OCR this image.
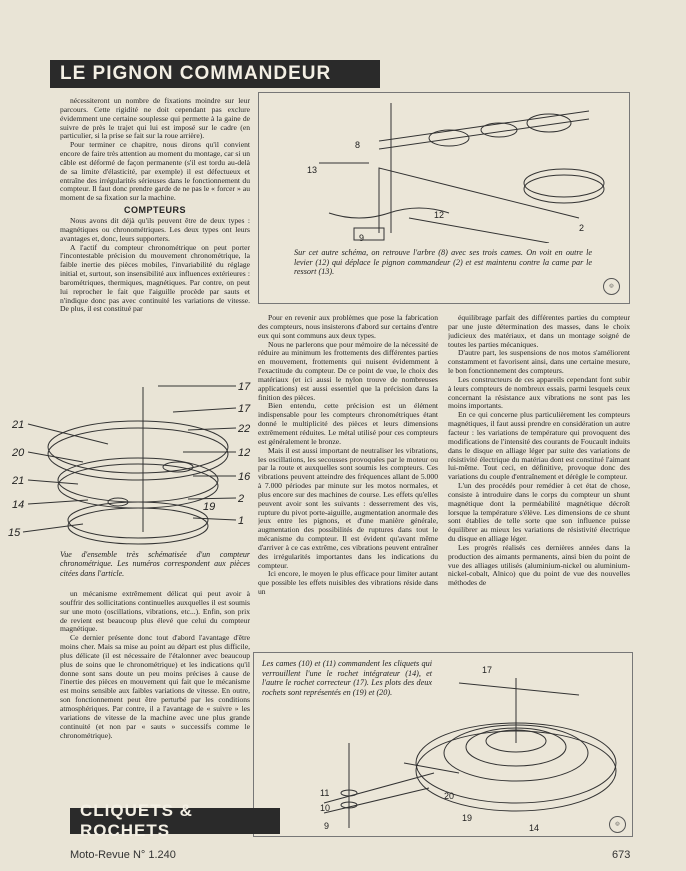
LE PIGNON COMMANDEUR

nécessiteront un nombre de fixations moindre sur leur parcours. Cette rigidité ne doit cependant pas exclure évidemment une certaine souplesse qui permette à la gaine de suivre de près le trajet qui lui est imposé sur le cadre (en particulier, si la prise se fait sur la roue arrière).

Pour terminer ce chapitre, nous dirons qu'il convient encore de faire très attention au moment du montage, car si un câble est déformé de façon permanente (s'il est tordu au-delà de sa limite d'élasticité, par exemple) il est défectueux et entraîne des irrégularités sérieuses dans le fonctionnement du compteur. Il faut donc prendre garde de ne pas le « forcer » au moment de sa fixation sur la machine.

COMPTEURS

Nous avons dit déjà qu'ils peuvent être de deux types : magnétiques ou chronométriques. Les deux types ont leurs avantages et, donc, leurs supporters.

A l'actif du compteur chronométrique on peut porter l'incontestable précision du mouvement chronométrique, la faible inertie des pièces mobiles, l'invariabilité du réglage initial et, surtout, son insensibilité aux influences extérieures : barométriques, thermiques, magnétiques. Par contre, on peut lui reprocher le fait que l'aiguille procède par sauts et n'indique donc pas avec continuité les variations de vitesse. De plus, il est constitué par

13
8
12
2
9
Sur cet autre schéma, on retrouve l'arbre (8) avec ses trois cames. On voit en outre le levier (12) qui déplace le pignon commandeur (2) et est maintenu contre la came par le ressort (13).
◎
17
17
22
12
16
2
1
21
20
21
14
15
19
Vue d'ensemble très schématisée d'un compteur chronométrique. Les numéros correspondent aux pièces citées dans l'article.

un mécanisme extrêmement délicat qui peut avoir à souffrir des sollicitations continuelles auxquelles il est soumis sur une moto (oscillations, vibrations, etc...). Enfin, son prix de revient est beaucoup plus élevé que celui du compteur magnétique.

Ce dernier présente donc tout d'abord l'avantage d'être moins cher. Mais sa mise au point au départ est plus difficile, plus délicate (il est nécessaire de l'étalonner avec beaucoup plus de soins que le chronométrique) et les indications qu'il donne sont sans doute un peu moins précises à cause de l'inertie des pièces en mouvement qui fait que le mécanisme est moins sensible aux faibles variations de vitesse. En outre, son fonctionnement peut être perturbé par les conditions atmosphériques. Par contre, il a l'avantage de « suivre » les variations de vitesse de la machine avec une plus grande continuité (et non par « sauts » successifs comme le chronométrique).

Pour en revenir aux problèmes que pose la fabrication des compteurs, nous insisterons d'abord sur certains d'entre eux qui sont communs aux deux types.

Nous ne parlerons que pour mémoire de la nécessité de réduire au minimum les frottements des différentes parties en mouvement, frottements qui nuisent évidemment à l'exactitude du compteur. De ce point de vue, le choix des matériaux (et ici aussi le nylon trouve de nombreuses applications) est aussi essentiel que la précision dans la finition des pièces.

Bien entendu, cette précision est un élément indispensable pour les compteurs chronométriques étant donné le multiplicité des pièces et leurs dimensions extrêmement réduites. Le métal utilisé pour ces compteurs est généralement le bronze.

Mais il est aussi important de neutraliser les vibrations, les oscillations, les secousses provoquées par le moteur ou par la route et auxquelles sont soumis les compteurs. Ces vibrations peuvent atteindre des fréquences allant de 5.000 à 7.000 périodes par minute sur les motos normales, et plus encore sur des machines de course. Les effets qu'elles peuvent avoir sont les suivants : desserrement des vis, rupture du pivot porte-aiguille, augmentation anormale des jeux entre les pignons, et d'une manière générale, augmentation des possibilités de ruptures dans tout le mécanisme du compteur. Il est évident qu'avant même d'arriver à ce cas extrême, ces vibrations peuvent entraîner des irrégularités importantes dans les indications du compteur.

Ici encore, le moyen le plus efficace pour limiter autant que possible les effets nuisibles des vibrations réside dans un

équilibrage parfait des différentes parties du compteur par une juste détermination des masses, dans le choix judicieux des matériaux, et dans un montage soigné de toutes les parties mécaniques.

D'autre part, les suspensions de nos motos s'améliorent constamment et favorisent ainsi, dans une certaine mesure, le bon fonctionnement des compteurs.

Les constructeurs de ces appareils cependant font subir à leurs compteurs de nombreux essais, parmi lesquels ceux concernant la résistance aux vibrations ne sont pas les moins importants.

En ce qui concerne plus particulièrement les compteurs magnétiques, il faut aussi prendre en considération un autre facteur : les variations de température qui provoquent des modifications de l'intensité des courants de Foucault induits dans le disque en alliage léger par suite des variations de résistivité électrique du matériau dont est constitué l'aimant lui-même. Tout ceci, en définitive, provoque donc des variations du couple d'entraînement et dérègle le compteur.

L'un des procédés pour remédier à cet état de chose, consiste à introduire dans le corps du compteur un shunt magnétique dont la perméabilité magnétique décroît lorsque la température s'élève. Les dimensions de ce shunt sont établies de telle sorte que son influence puisse équilibrer au mieux les variations de résistivité électrique du disque en alliage léger.

Les progrès réalisés ces dernières années dans la production des aimants permanents, ainsi bien du point de vue des alliages utilisés (aluminium-nickel ou aluminium-nickel-cobalt, Alnico) que du point de vue des nouvelles méthodes de

Les cames (10) et (11) commandent les cliquets qui verrouillent l'une le rochet intégrateur (14), et l'autre le rochet correcteur (17). Les plots des deux rochets sont représentés en (19) et (20).
17
11
10
9
20
19
14	◎
CLIQUETS & ROCHETS
Moto-Revue N° 1.240	673
